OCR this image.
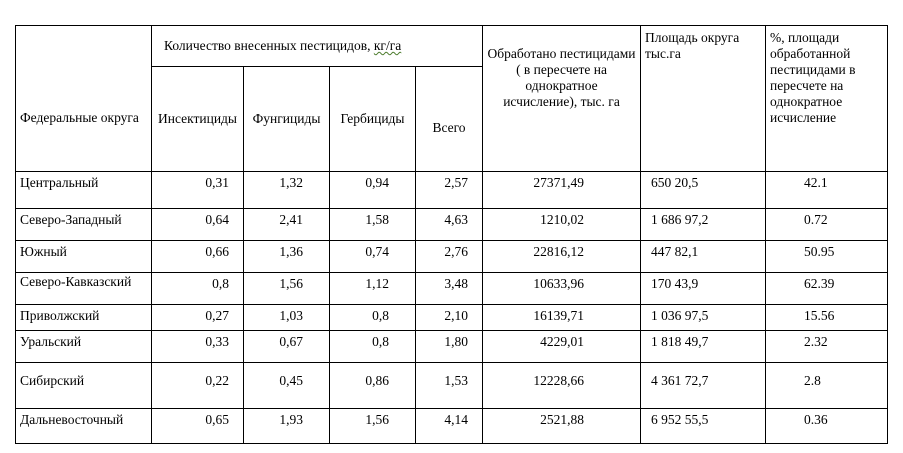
Федеральные округа	Количество внесенных пестицидов, кг/га				Обработано пестицидами ( в пересчете на однократное исчисление), тыс. га	Площадь округа тыс.га	%, площади обработанной пестицидами в пересчете на однократное исчисление
	Инсектициды	Фунгициды	Гербициды	Всего			
Центральный	0,31	1,32	0,94	2,57	27371,49	650 20,5	42.1
Северо-Западный	0,64	2,41	1,58	4,63	1210,02	1 686 97,2	0.72
Южный	0,66	1,36	0,74	2,76	22816,12	447 82,1	50.95
Северо-Кавказский	0,8	1,56	1,12	3,48	10633,96	170 43,9	62.39
Приволжский	0,27	1,03	0,8	2,10	16139,71	1 036 97,5	15.56
Уральский	0,33	0,67	0,8	1,80	4229,01	1 818 49,7	2.32
Сибирский	0,22	0,45	0,86	1,53	12228,66	4 361 72,7	2.8
Дальневосточный	0,65	1,93	1,56	4,14	2521,88	6 952 55,5	0.36
